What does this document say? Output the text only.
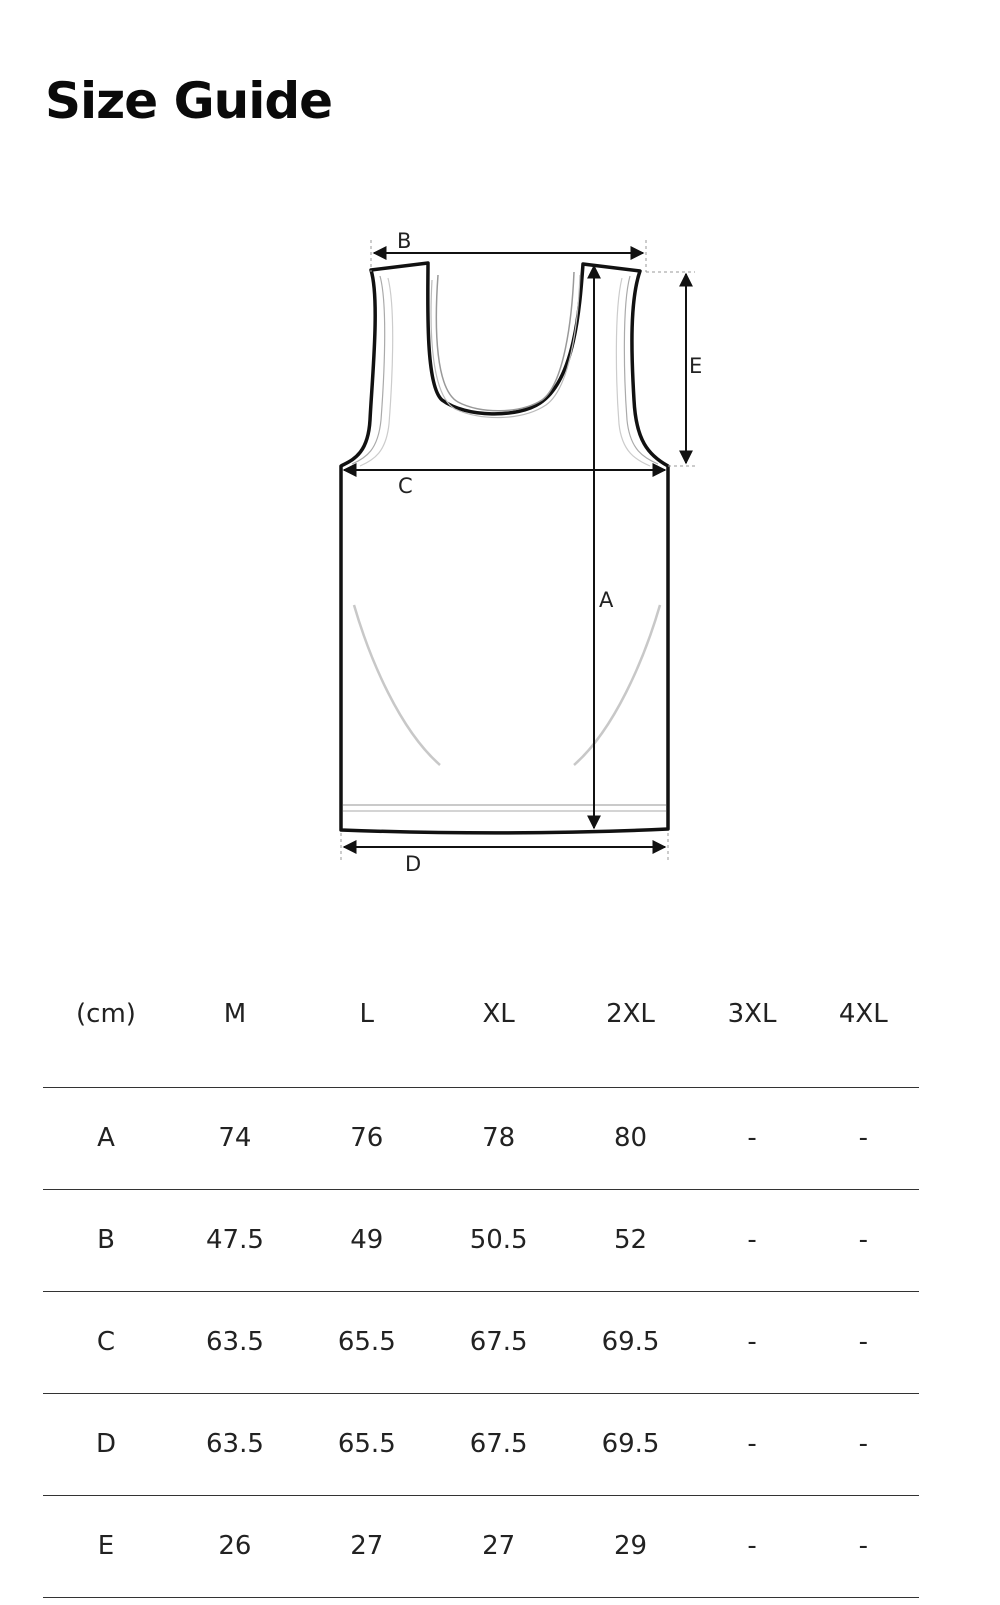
Size Guide
B
E
C
A
D
(cm)	M	L	XL	2XL	3XL	4XL	
A	74	76	78	80	-	-	
B	47.5	49	50.5	52	-	-	
C	63.5	65.5	67.5	69.5	-	-	
D	63.5	65.5	67.5	69.5	-	-	
E	26	27	27	29	-	-	
